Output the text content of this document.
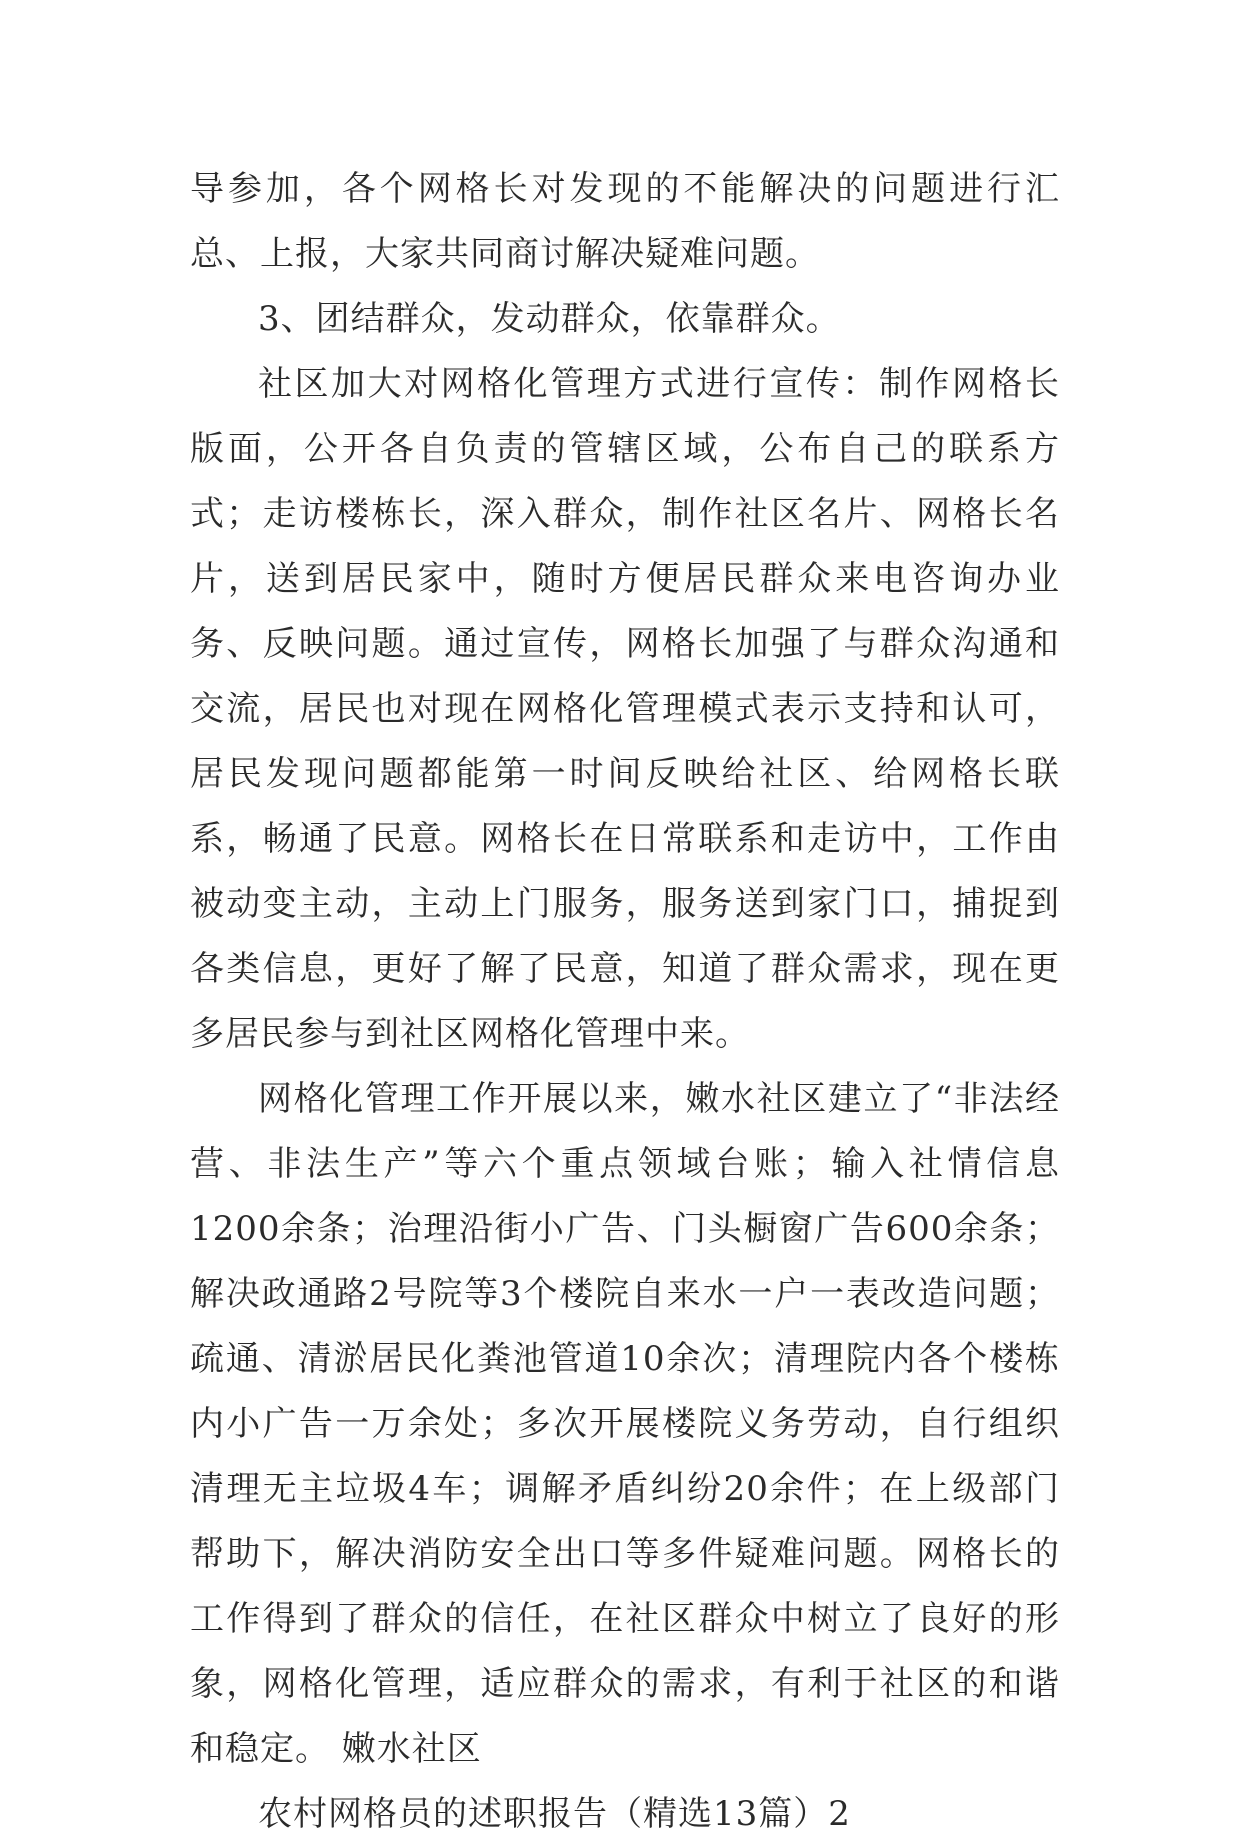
导参加，各个网格长对发现的不能解决的问题进行汇总、上报，大家共同商讨解决疑难问题。

3、团结群众，发动群众，依靠群众。

社区加大对网格化管理方式进行宣传：制作网格长版面，公开各自负责的管辖区域，公布自己的联系方式；走访楼栋长，深入群众，制作社区名片、网格长名片，送到居民家中，随时方便居民群众来电咨询办业务、反映问题。通过宣传，网格长加强了与群众沟通和交流，居民也对现在网格化管理模式表示支持和认可，居民发现问题都能第一时间反映给社区、给网格长联系，畅通了民意。网格长在日常联系和走访中，工作由被动变主动，主动上门服务，服务送到家门口，捕捉到各类信息，更好了解了民意，知道了群众需求，现在更多居民参与到社区网格化管理中来。

网格化管理工作开展以来，嫩水社区建立了“非法经营、非法生产”等六个重点领域台账；输入社情信息1200余条；治理沿街小广告、门头橱窗广告600余条；解决政通路2号院等3个楼院自来水一户一表改造问题；疏通、清淤居民化粪池管道10余次；清理院内各个楼栋内小广告一万余处；多次开展楼院义务劳动，自行组织清理无主垃圾4车；调解矛盾纠纷20余件；在上级部门帮助下，解决消防安全出口等多件疑难问题。网格长的工作得到了群众的信任，在社区群众中树立了良好的形象，网格化管理，适应群众的需求，有利于社区的和谐和稳定。 嫩水社区

农村网格员的述职报告（精选13篇）2
